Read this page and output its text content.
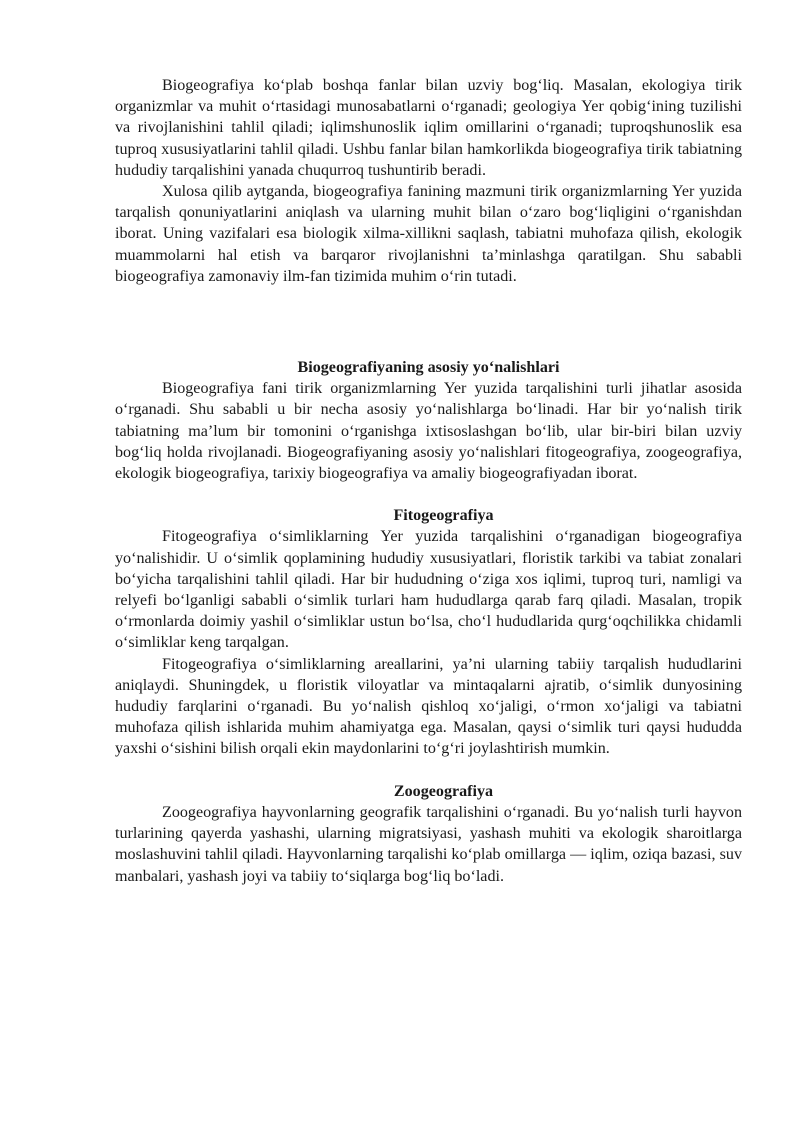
Biogeografiya ko‘plab boshqa fanlar bilan uzviy bog‘liq. Masalan, ekologiya tirik organizmlar va muhit o‘rtasidagi munosabatlarni o‘rganadi; geologiya Yer qobig‘ining tuzilishi va rivojlanishini tahlil qiladi; iqlimshunoslik iqlim omillarini o‘rganadi; tuproqshunoslik esa tuproq xususiyatlarini tahlil qiladi. Ushbu fanlar bilan hamkorlikda biogeografiya tirik tabiatning hududiy tarqalishini yanada chuqurroq tushuntirib beradi.

Xulosa qilib aytganda, biogeografiya fanining mazmuni tirik organizmlarning Yer yuzida tarqalish qonuniyatlarini aniqlash va ularning muhit bilan o‘zaro bog‘liqligini o‘rganishdan iborat. Uning vazifalari esa biologik xilma-xillikni saqlash, tabiatni muhofaza qilish, ekologik muammolarni hal etish va barqaror rivojlanishni ta’minlashga qaratilgan. Shu sababli biogeografiya zamonaviy ilm-fan tizimida muhim o‘rin tutadi.

Biogeografiyaning asosiy yo‘nalishlari

Biogeografiya fani tirik organizmlarning Yer yuzida tarqalishini turli jihatlar asosida o‘rganadi. Shu sababli u bir necha asosiy yo‘nalishlarga bo‘linadi. Har bir yo‘nalish tirik tabiatning ma’lum bir tomonini o‘rganishga ixtisoslashgan bo‘lib, ular bir-biri bilan uzviy bog‘liq holda rivojlanadi. Biogeografiyaning asosiy yo‘nalishlari fitogeografiya, zoogeografiya, ekologik biogeografiya, tarixiy biogeografiya va amaliy biogeografiyadan iborat.

Fitogeografiya

Fitogeografiya o‘simliklarning Yer yuzida tarqalishini o‘rganadigan biogeografiya yo‘nalishidir. U o‘simlik qoplamining hududiy xususiyatlari, floristik tarkibi va tabiat zonalari bo‘yicha tarqalishini tahlil qiladi. Har bir hududning o‘ziga xos iqlimi, tuproq turi, namligi va relyefi bo‘lganligi sababli o‘simlik turlari ham hududlarga qarab farq qiladi. Masalan, tropik o‘rmonlarda doimiy yashil o‘simliklar ustun bo‘lsa, cho‘l hududlarida qurg‘oqchilikka chidamli o‘simliklar keng tarqalgan.

Fitogeografiya o‘simliklarning areallarini, ya’ni ularning tabiiy tarqalish hududlarini aniqlaydi. Shuningdek, u floristik viloyatlar va mintaqalarni ajratib, o‘simlik dunyosining hududiy farqlarini o‘rganadi. Bu yo‘nalish qishloq xo‘jaligi, o‘rmon xo‘jaligi va tabiatni muhofaza qilish ishlarida muhim ahamiyatga ega. Masalan, qaysi o‘simlik turi qaysi hududda yaxshi o‘sishini bilish orqali ekin maydonlarini to‘g‘ri joylashtirish mumkin.

Zoogeografiya

Zoogeografiya hayvonlarning geografik tarqalishini o‘rganadi. Bu yo‘nalish turli hayvon turlarining qayerda yashashi, ularning migratsiyasi, yashash muhiti va ekologik sharoitlarga moslashuvini tahlil qiladi. Hayvonlarning tarqalishi ko‘plab omillarga — iqlim, oziqa bazasi, suv manbalari, yashash joyi va tabiiy to‘siqlarga bog‘liq bo‘ladi.
